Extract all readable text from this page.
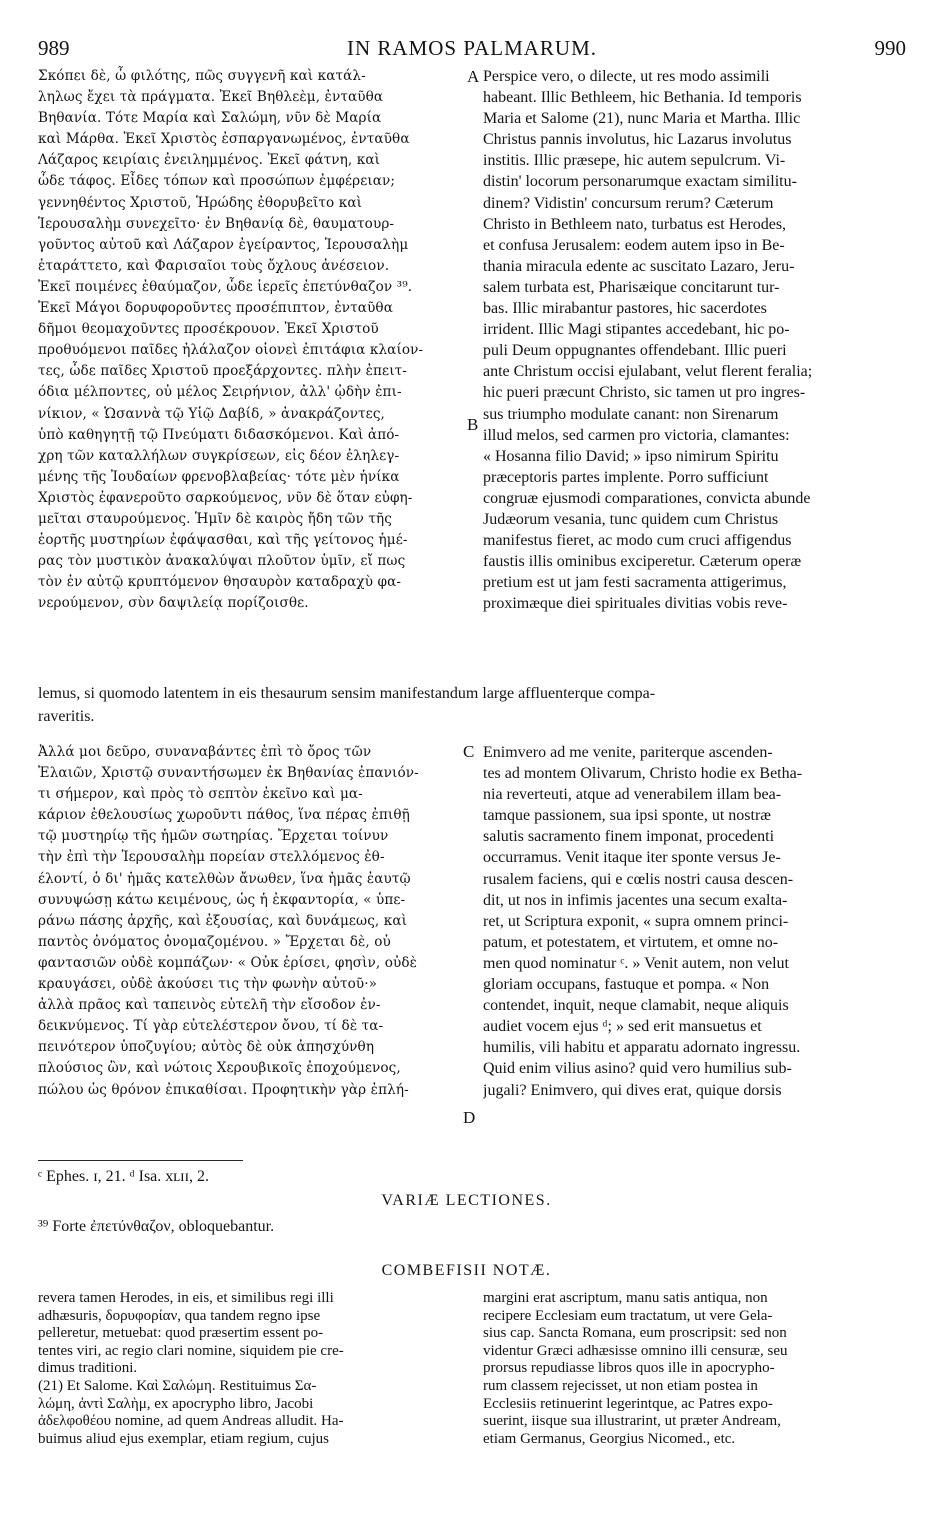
989	IN RAMOS PALMARUM.	990
Σκόπει δὲ, ὦ φιλότης, πῶς συγγενῆ καὶ κατάλ-
ληλως ἔχει τὰ πράγματα. Ἐκεῖ Βηθλεὲμ, ἐνταῦθα
Βηθανία. Τότε Μαρία καὶ Σαλώμη, νῦν δὲ Μαρία
καὶ Μάρθα. Ἐκεῖ Χριστὸς ἐσπαργανωμένος, ἐνταῦθα
Λάζαρος κειρίαις ἐνειλημμένος. Ἐκεῖ φάτνη, καὶ
ὧδε τάφος. Εἶδες τόπων καὶ προσώπων ἐμφέρειαν;
γεννηθέντος Χριστοῦ, Ἡρώδης ἐθορυβεῖτο καὶ
Ἱερουσαλὴμ συνεχεῖτο· ἐν Βηθανίᾳ δὲ, θαυματουρ-
γοῦντος αὐτοῦ καὶ Λάζαρον ἐγείραντος, Ἱερουσαλὴμ
ἐταράττετο, καὶ Φαρισαῖοι τοὺς ὄχλους ἀνέσειον.
Ἐκεῖ ποιμένες ἐθαύμαζον, ὧδε ἱερεῖς ἐπετύνθαζον ³⁹.
Ἐκεῖ Μάγοι δορυφοροῦντες προσέπιπτον, ἐνταῦθα
δῆμοι θεομαχοῦντες προσέκρουον. Ἐκεῖ Χριστοῦ
προθυόμενοι παῖδες ἠλάλαζον οἱονεὶ ἐπιτάφια κλαίον-
τες, ὧδε παῖδες Χριστοῦ προεξάρχοντες. πλὴν ἐπειτ-
όδια μέλποντες, οὐ μέλος Σειρήνιον, ἀλλ' ᾠδὴν ἐπι-
νίκιον, « Ὡσαννὰ τῷ Υἱῷ Δαβίδ, » ἀνακράζοντες,
ὑπὸ καθηγητῇ τῷ Πνεύματι διδασκόμενοι. Καὶ ἀπό-
χρη τῶν καταλλήλων συγκρίσεων, εἰς δέον ἐληλεγ-
μένης τῆς Ἰουδαίων φρενοβλαβείας· τότε μὲν ἡνίκα
Χριστὸς ἐφανεροῦτο σαρκούμενος, νῦν δὲ ὅταν εὐφη-
μεῖται σταυρούμενος. Ἡμῖν δὲ καιρὸς ἤδη τῶν τῆς
ἑορτῆς μυστηρίων ἐφάψασθαι, καὶ τῆς γείτονος ἡμέ-
ρας τὸν μυστικὸν ἀνακαλύψαι πλοῦτον ὑμῖν, εἴ πως
τὸν ἐν αὐτῷ κρυπτόμενον θησαυρὸν καταδραχὺ φα-
νερούμενον, σὺν δαψιλείᾳ πορίζοισθε.
Perspice vero, o dilecte, ut res modo assimili
habeant. Illic Bethleem, hic Bethania. Id temporis
Maria et Salome (21), nunc Maria et Martha. Illic
Christus pannis involutus, hic Lazarus involutus
institis. Illic præsepe, hic autem sepulcrum. Vi-
distin' locorum personarumque exactam similitu-
dinem? Vidistin' concursum rerum? Cæterum
Christo in Bethleem nato, turbatus est Herodes,
et confusa Jerusalem: eodem autem ipso in Be-
thania miracula edente ac suscitato Lazaro, Jeru-
salem turbata est, Pharisæique concitarunt tur-
bas. Illic mirabantur pastores, hic sacerdotes
irrident. Illic Magi stipantes accedebant, hic po-
puli Deum oppugnantes offendebant. Illic pueri
ante Christum occisi ejulabant, velut flerent feralia;
hic pueri præcunt Christo, sic tamen ut pro ingres-
sus triumpho modulate canant: non Sirenarum
illud melos, sed carmen pro victoria, clamantes:
« Hosanna filio David; » ipso nimirum Spiritu
præceptoris partes implente. Porro sufficiunt
congruæ ejusmodi comparationes, convicta abunde
Judæorum vesania, tunc quidem cum Christus
manifestus fieret, ac modo cum cruci affigendus
faustis illis ominibus exciperetur. Cæterum operæ
pretium est ut jam festi sacramenta attigerimus,
proximæque diei spirituales divitias vobis reve-
A
B
C
D

lemus, si quomodo latentem in eis thesaurum sensim manifestandum large affluenterque compa-

raveritis.

Ἀλλά μοι δεῦρο, συναναβάντες ἐπὶ τὸ ὄρος τῶν
Ἐλαιῶν, Χριστῷ συναντήσωμεν ἐκ Βηθανίας ἐπανιόν-
τι σήμερον, καὶ πρὸς τὸ σεπτὸν ἐκεῖνο καὶ μα-
κάριον ἐθελουσίως χωροῦντι πάθος, ἵνα πέρας ἐπιθῇ
τῷ μυστηρίῳ τῆς ἡμῶν σωτηρίας. Ἔρχεται τοίνυν
τὴν ἐπὶ τὴν Ἱερουσαλὴμ πορείαν στελλόμενος ἐθ-
έλοντί, ὁ δι' ἡμᾶς κατελθὼν ἄνωθεν, ἵνα ἡμᾶς ἑαυτῷ
συνυψώσῃ κάτω κειμένους, ὡς ἡ ἐκφαντορία, « ὑπε-
ράνω πάσης ἀρχῆς, καὶ ἐξουσίας, καὶ δυνάμεως, καὶ
παντὸς ὀνόματος ὀνομαζομένου. » Ἔρχεται δὲ, οὐ
φαντασιῶν οὐδὲ κομπάζων· « Οὐκ ἐρίσει, φησὶν, οὐδὲ
κραυγάσει, οὐδὲ ἀκούσει τις τὴν φωνὴν αὐτοῦ·»
ἀλλὰ πρᾶος καὶ ταπεινὸς εὐτελῆ τὴν εἴσοδον ἐν-
δεικνύμενος. Τί γὰρ εὐτελέστερον ὄνου, τί δὲ τα-
πεινότερον ὑποζυγίου; αὐτὸς δὲ οὐκ ἀπησχύνθη
πλούσιος ὢν, καὶ νώτοις Χερουβικοῖς ἐποχούμενος,
πώλου ὡς θρόνον ἐπικαθίσαι. Προφητικὴν γὰρ ἐπλή-
Enimvero ad me venite, pariterque ascenden-
tes ad montem Olivarum, Christo hodie ex Betha-
nia reverteuti, atque ad venerabilem illam bea-
tamque passionem, sua ipsi sponte, ut nostræ
salutis sacramento finem imponat, procedenti
occurramus. Venit itaque iter sponte versus Je-
rusalem faciens, qui e cœlis nostri causa descen-
dit, ut nos in infimis jacentes una secum exalta-
ret, ut Scriptura exponit, « supra omnem princi-
patum, et potestatem, et virtutem, et omne no-
men quod nominatur ᶜ. » Venit autem, non velut
gloriam occupans, fastuque et pompa. « Non
contendet, inquit, neque clamabit, neque aliquis
audiet vocem ejus ᵈ; » sed erit mansuetus et
humilis, vili habitu et apparatu adornato ingressu.
Quid enim vilius asino? quid vero humilius sub-
jugali? Enimvero, qui dives erat, quique dorsis

ᶜ Ephes. ɪ, 21. ᵈ Isa. xʟɪɪ, 2.

VARIÆ LECTIONES.

³⁹ Forte ἐπετύνθαζον, obloquebantur.

COMBEFISII NOTÆ.
revera tamen Herodes, in eis, et similibus regi illi
adhæsuris, δορυφορίαν, qua tandem regno ipse
pelleretur, metuebat: quod præsertim essent po-
tentes viri, ac regio clari nomine, siquidem pie cre-
dimus traditioni.
(21) Et Salome. Καὶ Σαλώμη. Restituimus Σα-
λώμη, ἀντὶ Σαλὴμ, ex apocrypho libro, Jacobi
ἀδελφοθέου nomine, ad quem Andreas alludit. Ha-
buimus aliud ejus exemplar, etiam regium, cujus
margini erat ascriptum, manu satis antiqua, non
recipere Ecclesiam eum tractatum, ut vere Gela-
sius cap. Sancta Romana, eum proscripsit: sed non
videntur Græci adhæsisse omnino illi censuræ, seu
prorsus repudiasse libros quos ille in apocrypho-
rum classem rejecisset, ut non etiam postea in
Ecclesiis retinuerint legerintque, ac Patres expo-
suerint, iisque sua illustrarint, ut præter Andream,
etiam Germanus, Georgius Nicomed., etc.
